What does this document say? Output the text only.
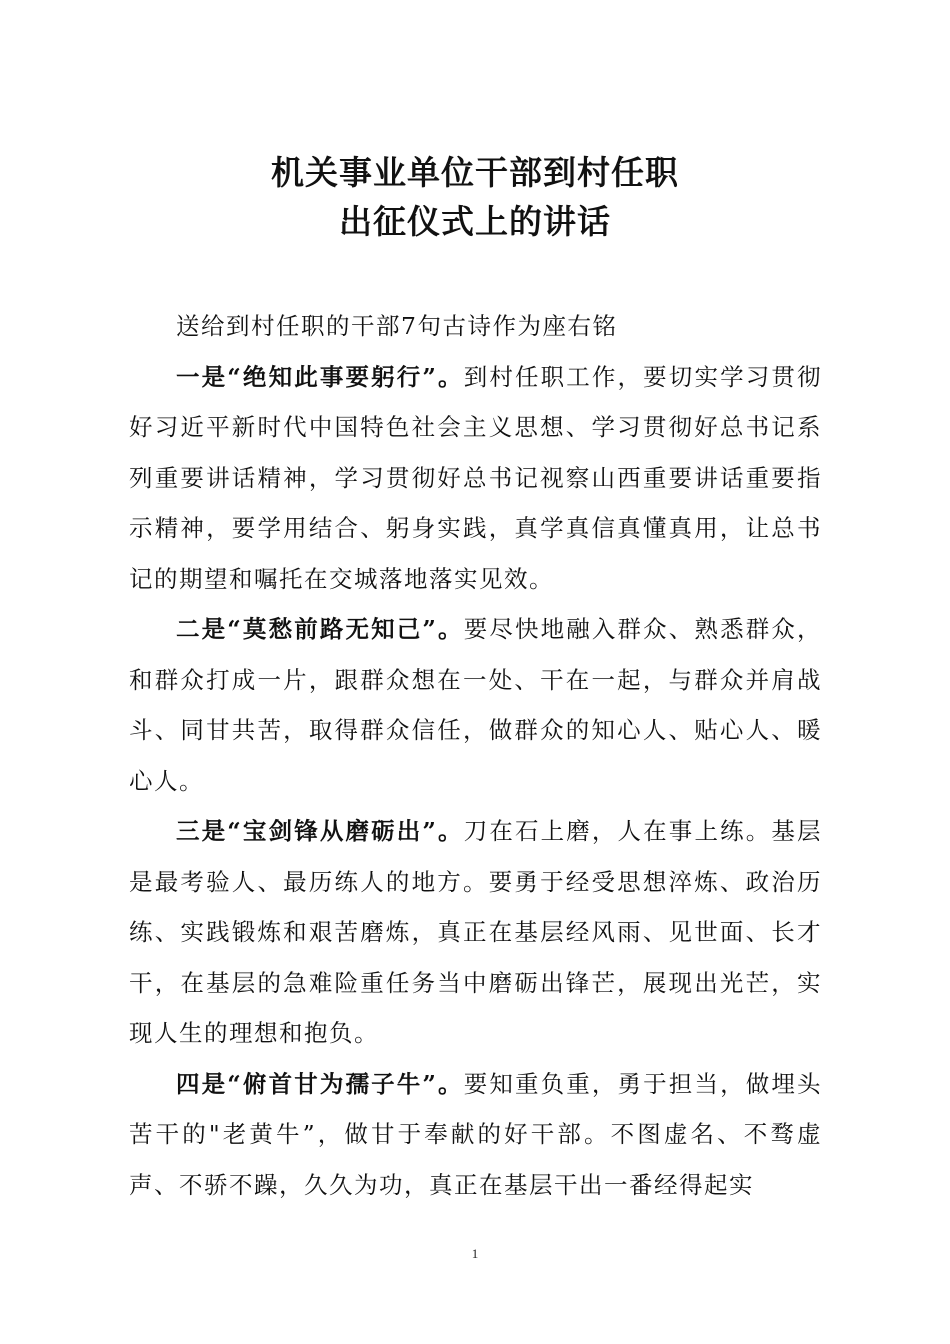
机关事业单位干部到村任职
出征仪式上的讲话

送给到村任职的干部7句古诗作为座右铭

一是“绝知此事要躬行”。到村任职工作，要切实学习贯彻好习近平新时代中国特色社会主义思想、学习贯彻好总书记系列重要讲话精神，学习贯彻好总书记视察山西重要讲话重要指示精神，要学用结合、躬身实践，真学真信真懂真用，让总书记的期望和嘱托在交城落地落实见效。

二是“莫愁前路无知己”。要尽快地融入群众、熟悉群众，和群众打成一片，跟群众想在一处、干在一起，与群众并肩战斗、同甘共苦，取得群众信任，做群众的知心人、贴心人、暖心人。

三是“宝剑锋从磨砺出”。刀在石上磨，人在事上练。基层是最考验人、最历练人的地方。要勇于经受思想淬炼、政治历练、实践锻炼和艰苦磨炼，真正在基层经风雨、见世面、长才干，在基层的急难险重任务当中磨砺出锋芒，展现出光芒，实现人生的理想和抱负。

四是“俯首甘为孺子牛”。要知重负重，勇于担当，做埋头苦干的"老黄牛”，做甘于奉献的好干部。不图虚名、不骛虚声、不骄不躁，久久为功，真正在基层干出一番经得起实

1
